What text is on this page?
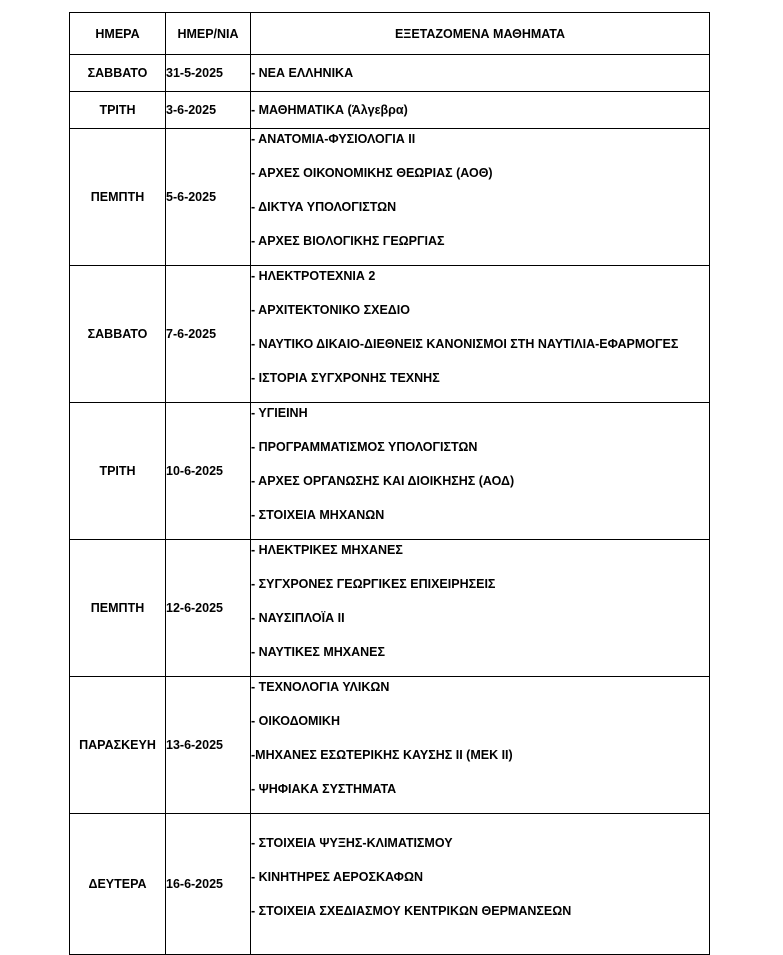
ΗΜΕΡΑ	ΗΜΕΡ/ΝΙΑ	ΕΞΕΤΑΖΟΜΕΝΑ ΜΑΘΗΜΑΤΑ
ΣΑΒΒΑΤΟ	31-5-2025	- ΝΕΑ ΕΛΛΗΝΙΚΑ

ΤΡΙΤΗ	3-6-2025	- ΜΑΘΗΜΑΤΙΚΑ (Άλγεβρα)

ΠΕΜΠΤΗ	5-6-2025	- ΑΝΑΤΟΜΙΑ-ΦΥΣΙΟΛΟΓΙΑ ΙΙ
- ΑΡΧΕΣ ΟΙΚΟΝΟΜΙΚΗΣ ΘΕΩΡΙΑΣ (ΑΟΘ)
- ΔΙΚΤΥΑ ΥΠΟΛΟΓΙΣΤΩΝ
- ΑΡΧΕΣ ΒΙΟΛΟΓΙΚΗΣ ΓΕΩΡΓΙΑΣ

ΣΑΒΒΑΤΟ	7-6-2025	- ΗΛΕΚΤΡΟΤΕΧΝΙΑ 2
- ΑΡΧΙΤΕΚΤΟΝΙΚΟ ΣΧΕΔΙΟ
- ΝΑΥΤΙΚΟ ΔΙΚΑΙΟ-ΔΙΕΘΝΕΙΣ ΚΑΝΟΝΙΣΜΟΙ ΣΤΗ ΝΑΥΤΙΛΙΑ-ΕΦΑΡΜΟΓΕΣ
- ΙΣΤΟΡΙΑ ΣΥΓΧΡΟΝΗΣ ΤΕΧΝΗΣ

ΤΡΙΤΗ	10-6-2025	- ΥΓΙΕΙΝΗ
- ΠΡΟΓΡΑΜΜΑΤΙΣΜΟΣ ΥΠΟΛΟΓΙΣΤΩΝ
- ΑΡΧΕΣ ΟΡΓΑΝΩΣΗΣ ΚΑΙ ΔΙΟΙΚΗΣΗΣ (ΑΟΔ)
- ΣΤΟΙΧΕΙΑ ΜΗΧΑΝΩΝ

ΠΕΜΠΤΗ	12-6-2025	- ΗΛΕΚΤΡΙΚΕΣ ΜΗΧΑΝΕΣ
- ΣΥΓΧΡΟΝΕΣ ΓΕΩΡΓΙΚΕΣ ΕΠΙΧΕΙΡΗΣΕΙΣ
- ΝΑΥΣΙΠΛΟΪΑ ΙΙ
- ΝΑΥΤΙΚΕΣ ΜΗΧΑΝΕΣ

ΠΑΡΑΣΚΕΥΗ	13-6-2025	- ΤΕΧΝΟΛΟΓΙΑ ΥΛΙΚΩΝ
- ΟΙΚΟΔΟΜΙΚΗ
-ΜΗΧΑΝΕΣ ΕΣΩΤΕΡΙΚΗΣ ΚΑΥΣΗΣ ΙΙ (ΜΕΚ ΙΙ)
- ΨΗΦΙΑΚΑ ΣΥΣΤΗΜΑΤΑ

ΔΕΥΤΕΡΑ	16-6-2025	- ΣΤΟΙΧΕΙΑ ΨΥΞΗΣ-ΚΛΙΜΑΤΙΣΜΟΥ
- ΚΙΝΗΤΗΡΕΣ ΑΕΡΟΣΚΑΦΩΝ
- ΣΤΟΙΧΕΙΑ ΣΧΕΔΙΑΣΜΟΥ ΚΕΝΤΡΙΚΩΝ ΘΕΡΜΑΝΣΕΩΝ
